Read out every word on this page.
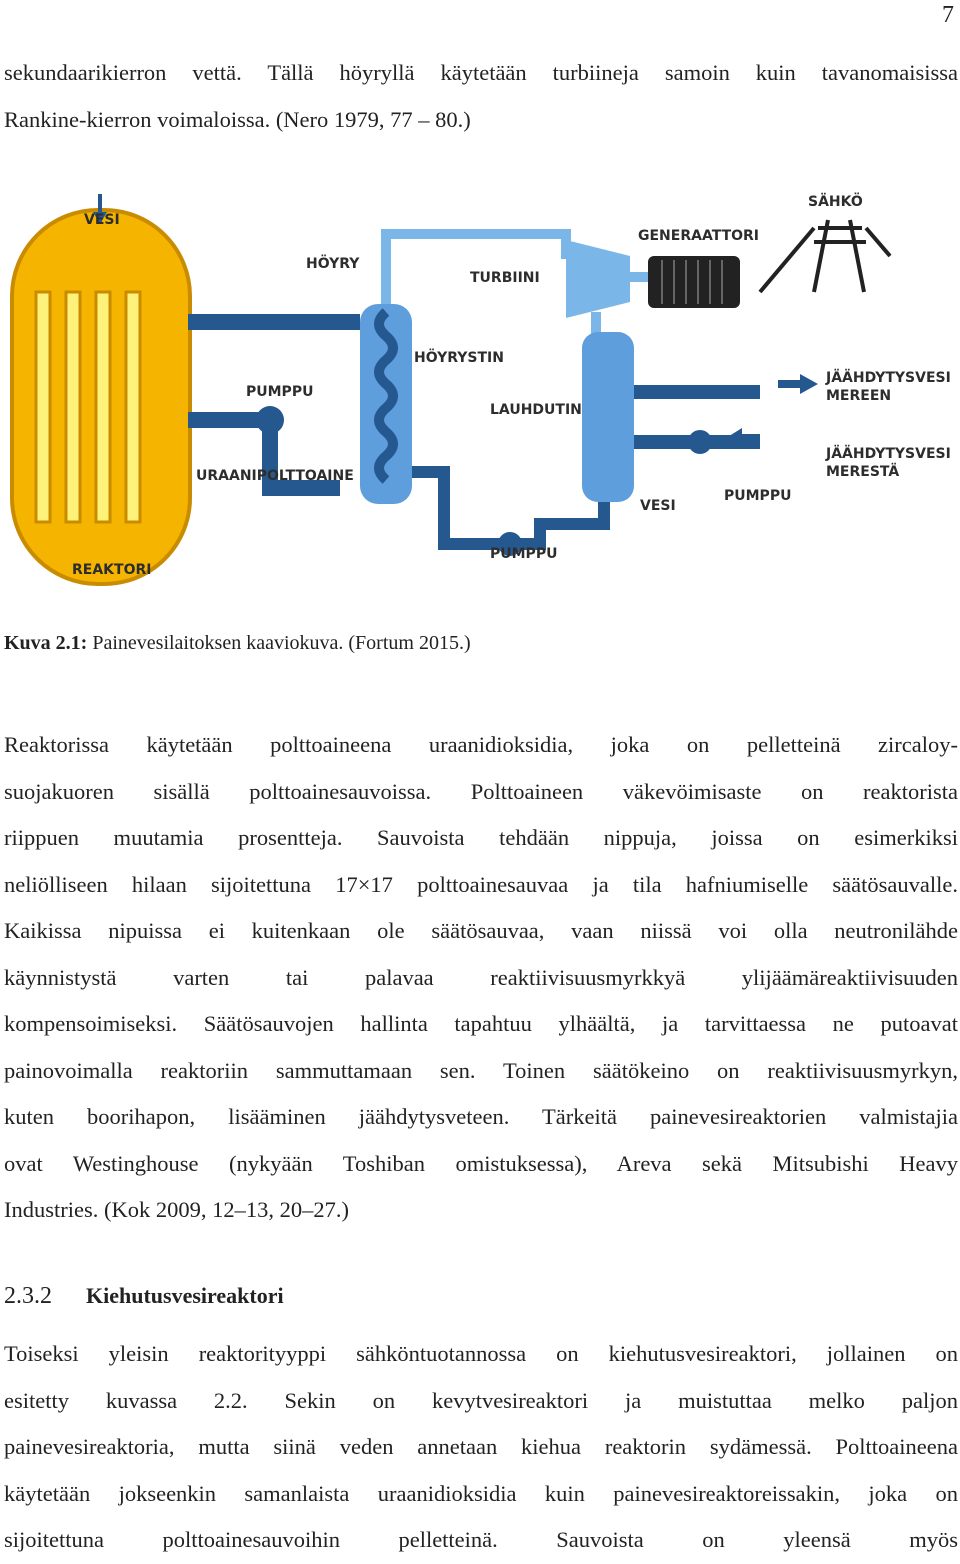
7
sekundaarikierron vettä. Tällä höyryllä käytetään turbiineja samoin kuin tavanomaisissa
Rankine-kierron voimaloissa. (Nero 1979, 77 – 80.)
VESI
HÖYRY
TURBIINI
GENERAATTORI
SÄHKÖ
HÖYRYSTIN
LAUHDUTIN
PUMPPU
URAANIPOLTTOAINE
REAKTORI
JÄÄHDYTYSVESI
MEREEN
JÄÄHDYTYSVESI
MERESTÄ
VESI
PUMPPU
PUMPPU
Kuva 2.1: Painevesilaitoksen kaaviokuva. (Fortum 2015.)
Reaktorissa käytetään polttoaineena uraanidioksidia, joka on pelletteinä zircaloy-
suojakuoren sisällä polttoainesauvoissa. Polttoaineen väkevöimisaste on reaktorista
riippuen muutamia prosentteja. Sauvoista tehdään nippuja, joissa on esimerkiksi
neliölliseen hilaan sijoitettuna 17×17 polttoainesauvaa ja tila hafniumiselle säätösauvalle.
Kaikissa nipuissa ei kuitenkaan ole säätösauvaa, vaan niissä voi olla neutronilähde
käynnistystä varten tai palavaa reaktiivisuusmyrkkyä ylijäämäreaktiivisuuden
kompensoimiseksi. Säätösauvojen hallinta tapahtuu ylhäältä, ja tarvittaessa ne putoavat
painovoimalla reaktoriin sammuttamaan sen. Toinen säätökeino on reaktiivisuusmyrkyn,
kuten boorihapon, lisääminen jäähdytysveteen. Tärkeitä painevesireaktorien valmistajia
ovat Westinghouse (nykyään Toshiban omistuksessa), Areva sekä Mitsubishi Heavy
Industries. (Kok 2009, 12–13, 20–27.)
2.3.2 Kiehutusvesireaktori
Toiseksi yleisin reaktorityyppi sähköntuotannossa on kiehutusvesireaktori, jollainen on
esitetty kuvassa 2.2. Sekin on kevytvesireaktori ja muistuttaa melko paljon
painevesireaktoria, mutta siinä veden annetaan kiehua reaktorin sydämessä. Polttoaineena
käytetään jokseenkin samanlaista uraanidioksidia kuin painevesireaktoreissakin, joka on
sijoitettuna polttoainesauvoihin pelletteinä. Sauvoista on yleensä myös
